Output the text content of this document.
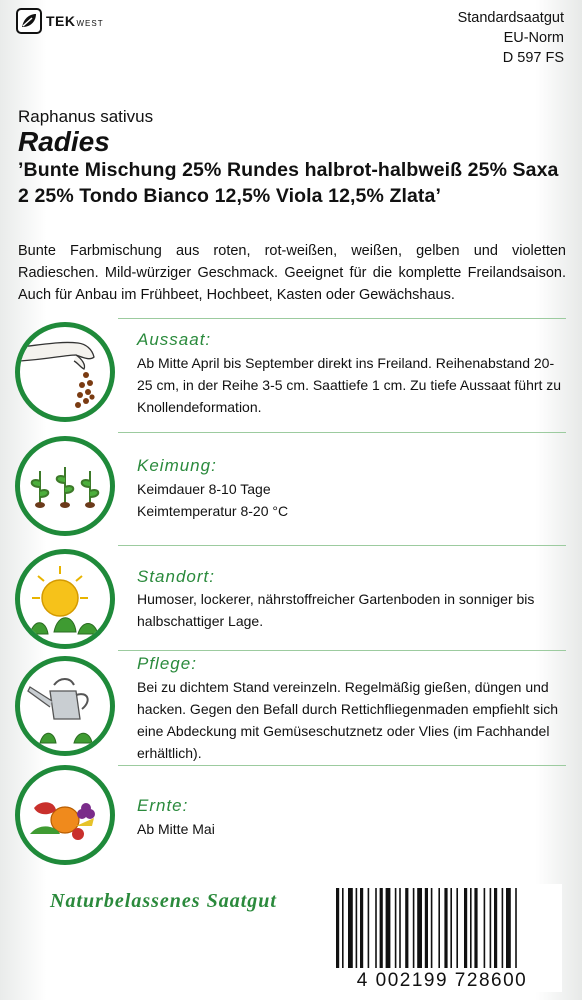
TEKWEST	Standardsaatgut
EU-Norm
D 597 FS
Raphanus sativus
Radies
’Bunte Mischung 25% Rundes halbrot-halbweiß 25% Saxa 2 25% Tondo Bianco 12,5% Viola 12,5% Zlata’
Bunte Farbmischung aus roten, rot-weißen, weißen, gelben und violetten Radieschen. Mild-würziger Geschmack. Geeignet für die komplette Freilandsaison. Auch für Anbau im Frühbeet, Hochbeet, Kasten oder Gewächshaus.
Aussaat:
Ab Mitte April bis September direkt ins Freiland. Reihenabstand 20-25 cm, in der Reihe 3-5 cm. Saattiefe 1 cm. Zu tiefe Aussaat führt zu Knollendeformation.
Keimung:
Keimdauer 8-10 Tage
Keimtemperatur 8-20 °C
Standort:
Humoser, lockerer, nährstoffreicher Gartenboden in sonniger bis halbschattiger Lage.
Pflege:
Bei zu dichtem Stand vereinzeln. Regelmäßig gießen, düngen und hacken. Gegen den Befall durch Rettichfliegenmaden empfiehlt sich eine Abdeckung mit Gemüseschutznetz oder Vlies (im Fachhandel erhältlich).
Ernte:
Ab Mitte Mai
Naturbelassenes Saatgut
4 002199 728600
